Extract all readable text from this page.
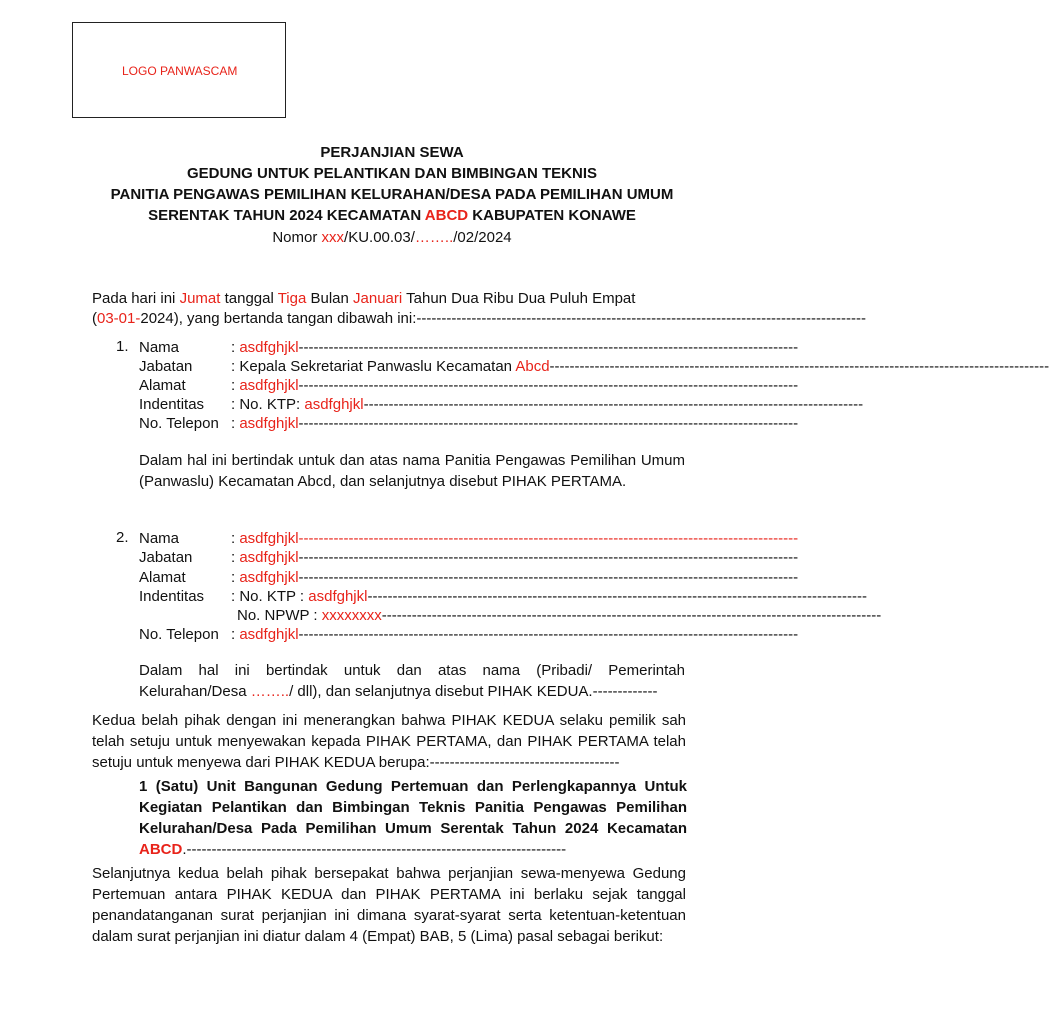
LOGO PANWASCAM
PERJANJIAN SEWA
GEDUNG UNTUK PELANTIKAN DAN BIMBINGAN TEKNIS
PANITIA PENGAWAS PEMILIHAN KELURAHAN/DESA PADA PEMILIHAN UMUM
SERENTAK TAHUN 2024 KECAMATAN ABCD KABUPATEN KONAWE
Nomor xxx/KU.00.03/……../02/2024
Pada hari ini Jumat tanggal Tiga Bulan Januari Tahun Dua Ribu Dua Puluh Empat
(03-01-2024), yang bertanda tangan dibawah ini:------------------------------------------------------------------------------------------
1. Nama	: asdfghjkl----------------------------------------------------------------------------------------------------
Jabatan	: Kepala Sekretariat Panwaslu Kecamatan Abcd----------------------------------------------------------------------------------------------------
Alamat	: asdfghjkl----------------------------------------------------------------------------------------------------
Indentitas : No. KTP: asdfghjkl----------------------------------------------------------------------------------------------------
No. Telepon : asdfghjkl----------------------------------------------------------------------------------------------------
Dalam hal ini bertindak untuk dan atas nama Panitia Pengawas Pemilihan Umum (Panwaslu) Kecamatan Abcd, dan selanjutnya disebut PIHAK PERTAMA.
2. Nama	: asdfghjkl----------------------------------------------------------------------------------------------------
Jabatan	: asdfghjkl----------------------------------------------------------------------------------------------------
Alamat	: asdfghjkl----------------------------------------------------------------------------------------------------
Indentitas : No. KTP : asdfghjkl----------------------------------------------------------------------------------------------------
No. NPWP : xxxxxxxx----------------------------------------------------------------------------------------------------
No. Telepon : asdfghjkl----------------------------------------------------------------------------------------------------
Dalam hal ini bertindak untuk dan atas nama (Pribadi/ Pemerintah Kelurahan/Desa ……../ dll), dan selanjutnya disebut PIHAK KEDUA.-------------
Kedua belah pihak dengan ini menerangkan bahwa PIHAK KEDUA selaku pemilik sah telah setuju untuk menyewakan kepada PIHAK PERTAMA, dan PIHAK PERTAMA telah setuju untuk menyewa dari PIHAK KEDUA berupa:--------------------------------------
1 (Satu) Unit Bangunan Gedung Pertemuan dan Perlengkapannya Untuk Kegiatan Pelantikan dan Bimbingan Teknis Panitia Pengawas Pemilihan Kelurahan/Desa Pada Pemilihan Umum Serentak Tahun 2024 Kecamatan ABCD.----------------------------------------------------------------------------
Selanjutnya kedua belah pihak bersepakat bahwa perjanjian sewa-menyewa Gedung Pertemuan antara PIHAK KEDUA dan PIHAK PERTAMA ini berlaku sejak tanggal penandatanganan surat perjanjian ini dimana syarat-syarat serta ketentuan-ketentuan dalam surat perjanjian ini diatur dalam 4 (Empat) BAB, 5 (Lima) pasal sebagai berikut:
